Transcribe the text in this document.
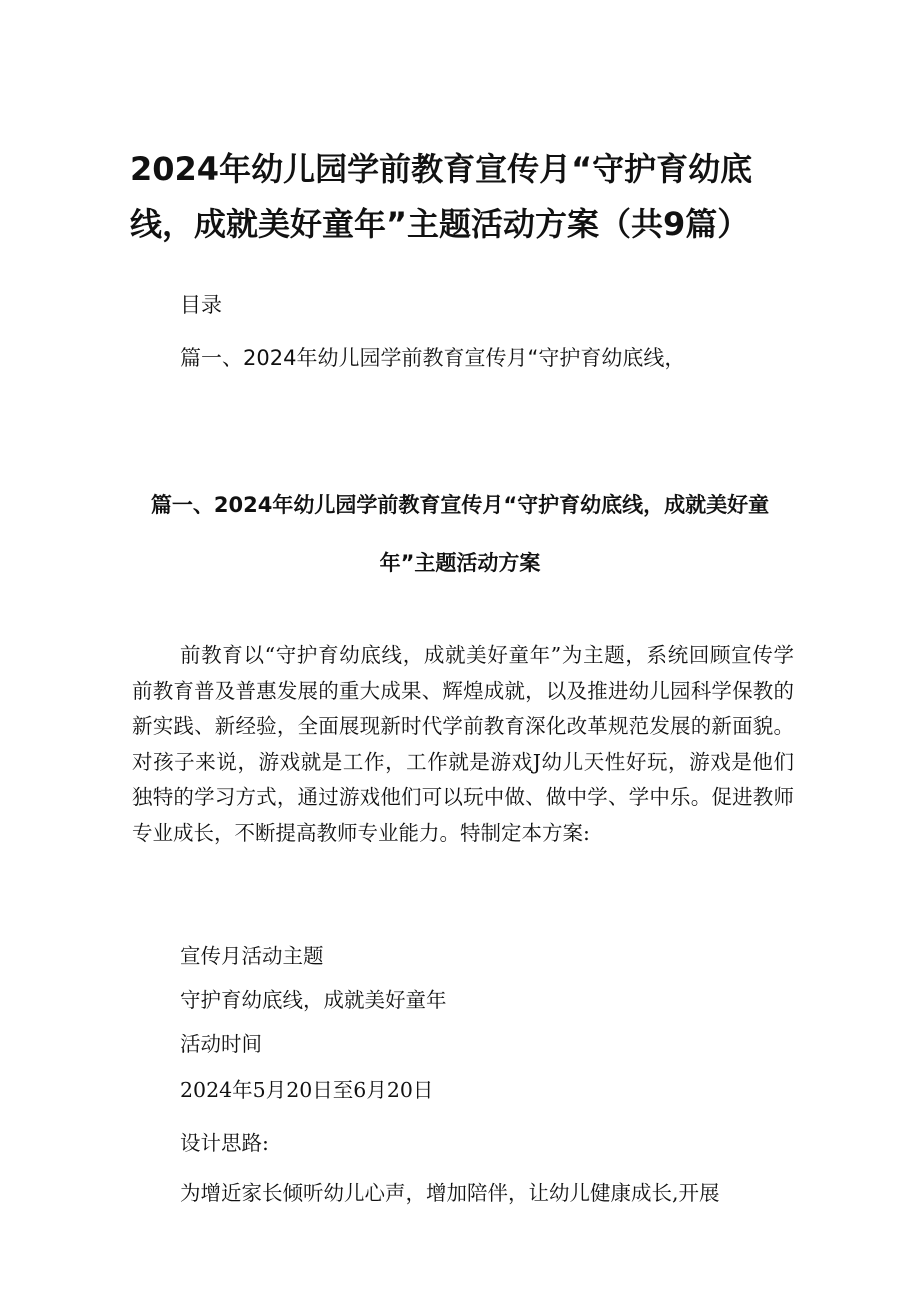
2024年幼儿园学前教育宣传月“守护育幼底线，成就美好童年”主题活动方案（共9篇）

目录

篇一、2024年幼儿园学前教育宣传月“守护育幼底线，

篇一、2024年幼儿园学前教育宣传月“守护育幼底线，成就美好童年”主题活动方案

前教育以“守护育幼底线，成就美好童年”为主题，系统回顾宣传学前教育普及普惠发展的重大成果、辉煌成就，以及推进幼儿园科学保教的新实践、新经验，全面展现新时代学前教育深化改革规范发展的新面貌。对孩子来说，游戏就是工作，工作就是游戏J幼儿天性好玩，游戏是他们独特的学习方式，通过游戏他们可以玩中做、做中学、学中乐。促进教师专业成长，不断提高教师专业能力。特制定本方案:

宣传月活动主题

守护育幼底线，成就美好童年

活动时间

2024年5月20日至6月20日

设计思路:

为增近家长倾听幼儿心声，增加陪伴，让幼儿健康成长,开展
